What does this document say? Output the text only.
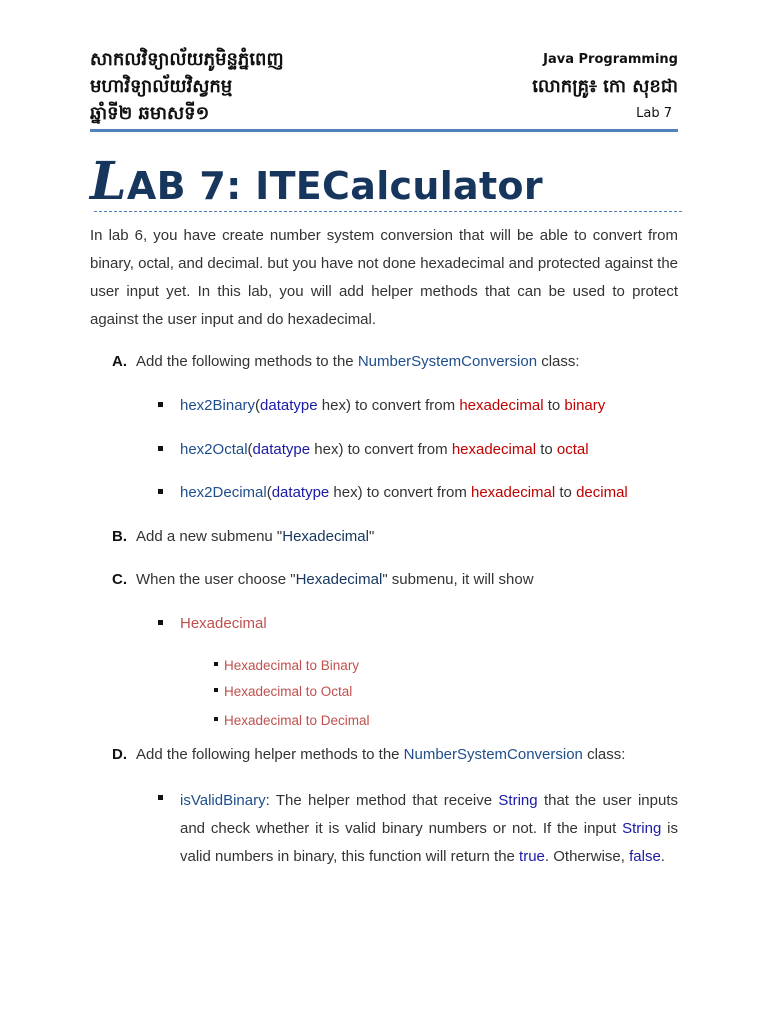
សាកលវិទ្យាល័យភូមិន្ទភ្នំពេញ
មហាវិទ្យាល័យវិស្វកម្ម
ឆ្នាំទី២ ឆមាសទី១
Java Programming
លោកគ្រូ៖ កោ សុខជា
Lab 7
LAB 7: ITECalculator
In lab 6, you have create number system conversion that will be able to convert from binary, octal, and decimal. but you have not done hexadecimal and protected against the user input yet. In this lab, you will add helper methods that can be used to protect against the user input and do hexadecimal.
A. Add the following methods to the NumberSystemConversion class:
hex2Binary(datatype hex) to convert from hexadecimal to binary
hex2Octal(datatype hex) to convert from hexadecimal to octal
hex2Decimal(datatype hex) to convert from hexadecimal to decimal
B. Add a new submenu "Hexadecimal"
C. When the user choose "Hexadecimal" submenu, it will show
Hexadecimal
Hexadecimal to Binary
Hexadecimal to Octal
Hexadecimal to Decimal
D. Add the following helper methods to the NumberSystemConversion class:
isValidBinary: The helper method that receive String that the user inputs and check whether it is valid binary numbers or not. If the input String is valid numbers in binary, this function will return the true. Otherwise, false.
